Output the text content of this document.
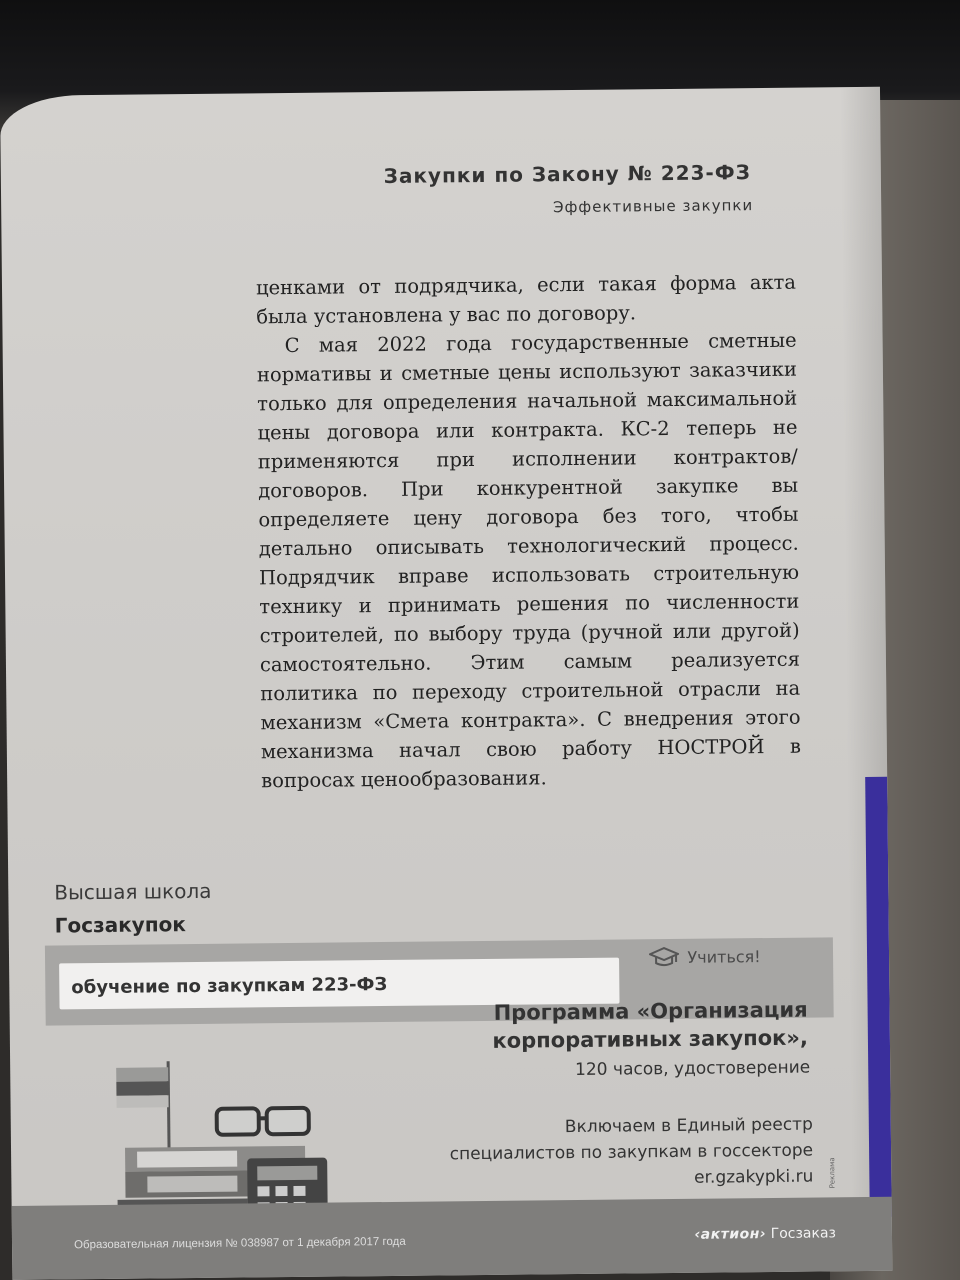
Закупки по Закону № 223‑ФЗ
Эффективные закупки

ценками от подрядчика, если такая форма акта была установлена у вас по договору.

С мая 2022 года государственные сметные нормативы и сметные цены используют заказчики только для определения начальной максимальной цены договора или контракта. КС‑2 теперь не применяются при исполнении контрактов/договоров. При конкурентной закупке вы определяете цену договора без того, чтобы детально описывать технологический процесс. Подрядчик вправе использовать строительную технику и принимать решения по численности строителей, по выбору труда (ручной или другой) самостоятельно. Этим самым реализуется политика по переходу строительной отрасли на механизм «Смета контракта». С внедрения этого механизма начал свою работу НОСТРОЙ в вопросах ценообразования.

Высшая школа
Госзакупок
обучение по закупкам 223‑ФЗ
Учиться!
Программа «Организация
корпоративных закупок»,
120 часов, удостоверение
Включаем в Единый реестр
специалистов по закупкам в госсекторе
er.gzakypki.ru Реклама
Образовательная лицензия № 038987 от 1 декабря 2017 года
‹актион› Госзаказ
